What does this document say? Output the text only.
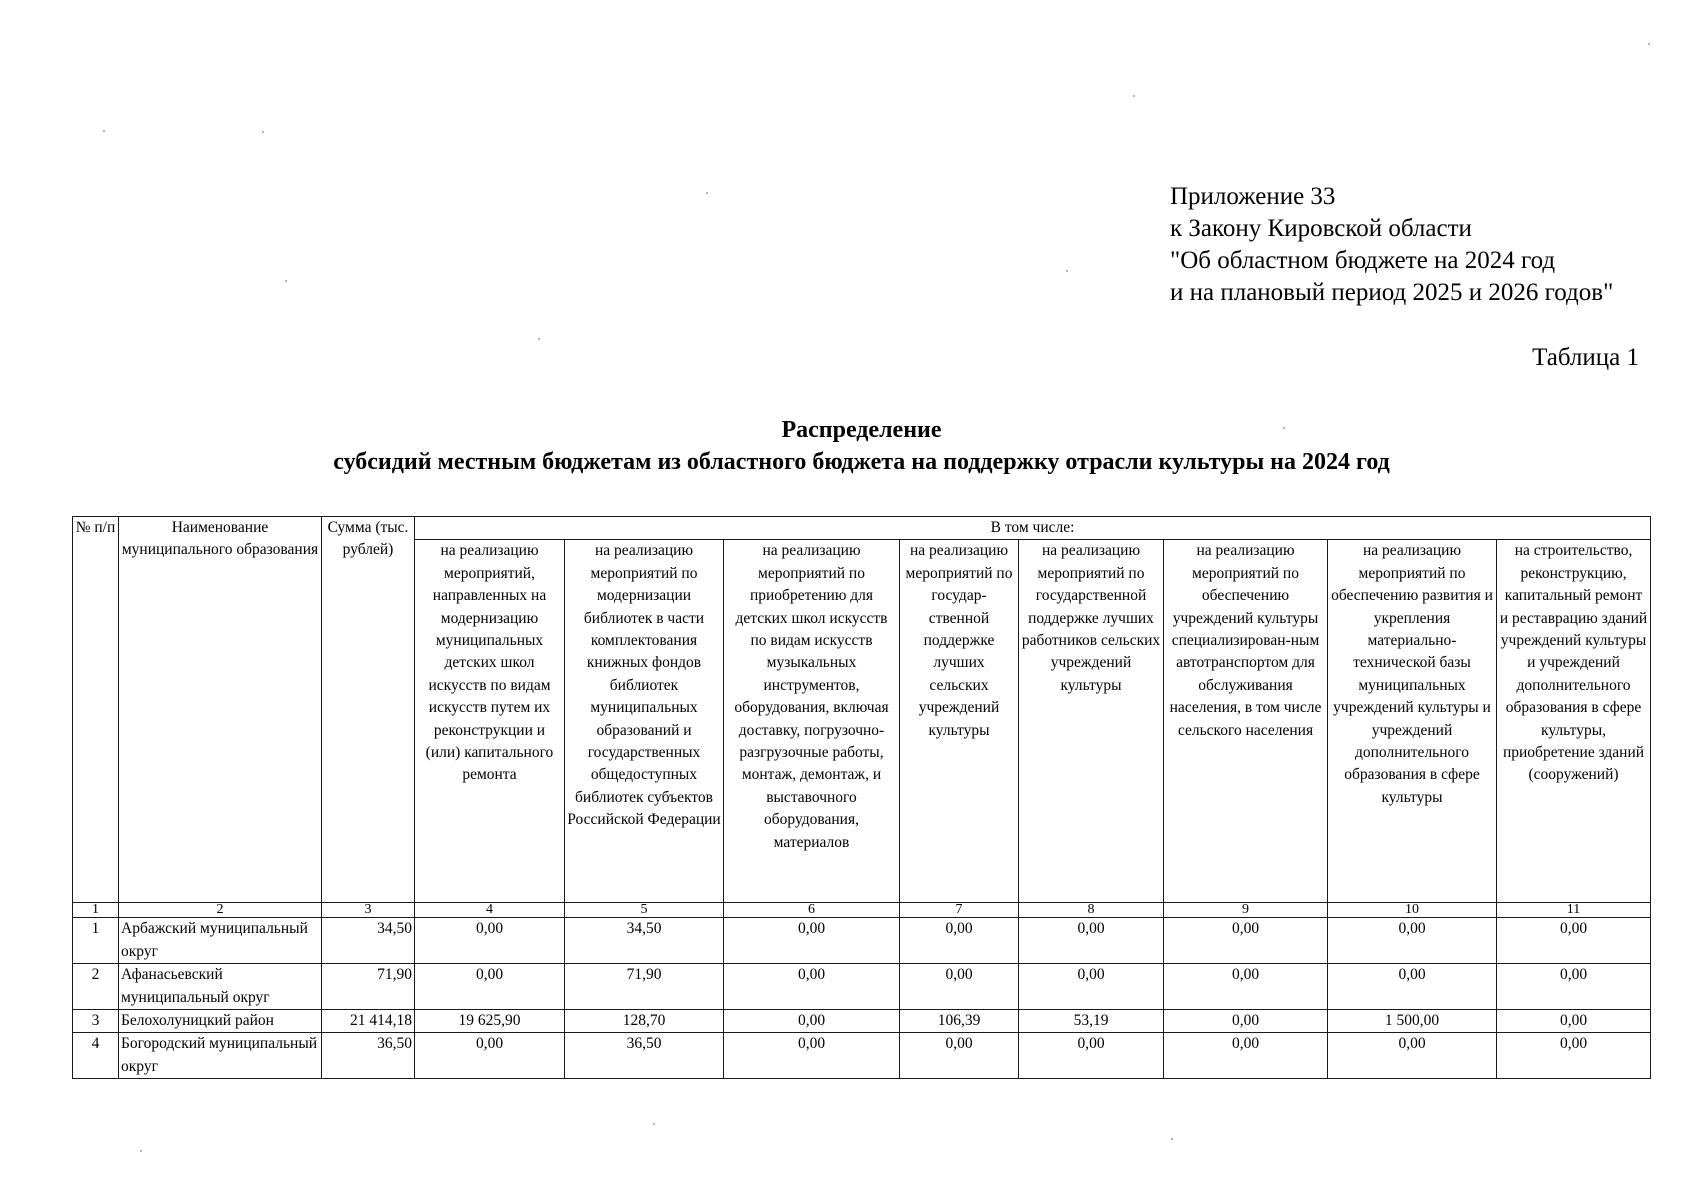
Приложение 33
к Закону Кировской области
"Об областном бюджете на 2024 год
и на плановый период 2025 и 2026 годов"
Таблица 1
Распределение
субсидий местным бюджетам из областного бюджета на поддержку отрасли культуры на 2024 год
№ п/п	Наименование муниципального образования	Сумма (тыс. рублей)	В том числе:							
			на реализацию мероприятий, направленных на модернизацию муниципальных детских школ искусств по видам искусств путем их реконструкции и (или) капитального ремонта	на реализацию мероприятий по модернизации библиотек в части комплектования книжных фондов библиотек муниципальных образований и государственных общедоступных библиотек субъектов Российской Федерации	на реализацию мероприятий по приобретению для детских школ искусств по видам искусств музыкальных инструментов, оборудования, включая доставку, погрузочно-разгрузочные работы, монтаж, демонтаж, и выставочного оборудования, материалов	на реализацию мероприятий по государ-ственной поддержке лучших сельских учреждений культуры	на реализацию мероприятий по государственной поддержке лучших работников сельских учреждений культуры	на реализацию мероприятий по обеспечению учреждений культуры специализирован-ным автотранспортом для обслуживания населения, в том числе сельского населения	на реализацию мероприятий по обеспечению развития и укрепления материально-технической базы муниципальных учреждений культуры и учреждений дополнительного образования в сфере культуры	на строительство, реконструкцию, капитальный ремонт и реставрацию зданий учреждений культуры и учреждений дополнительного образования в сфере культуры, приобретение зданий (сооружений)
1	2	3	4	5	6	7	8	9	10	11
1	Арбажский муниципальный округ	34,50	0,00	34,50	0,00	0,00	0,00	0,00	0,00	0,00
2	Афанасьевский муниципальный округ	71,90	0,00	71,90	0,00	0,00	0,00	0,00	0,00	0,00
3	Белохолуницкий район	21 414,18	19 625,90	128,70	0,00	106,39	53,19	0,00	1 500,00	0,00
4	Богородский муниципальный округ	36,50	0,00	36,50	0,00	0,00	0,00	0,00	0,00	0,00
